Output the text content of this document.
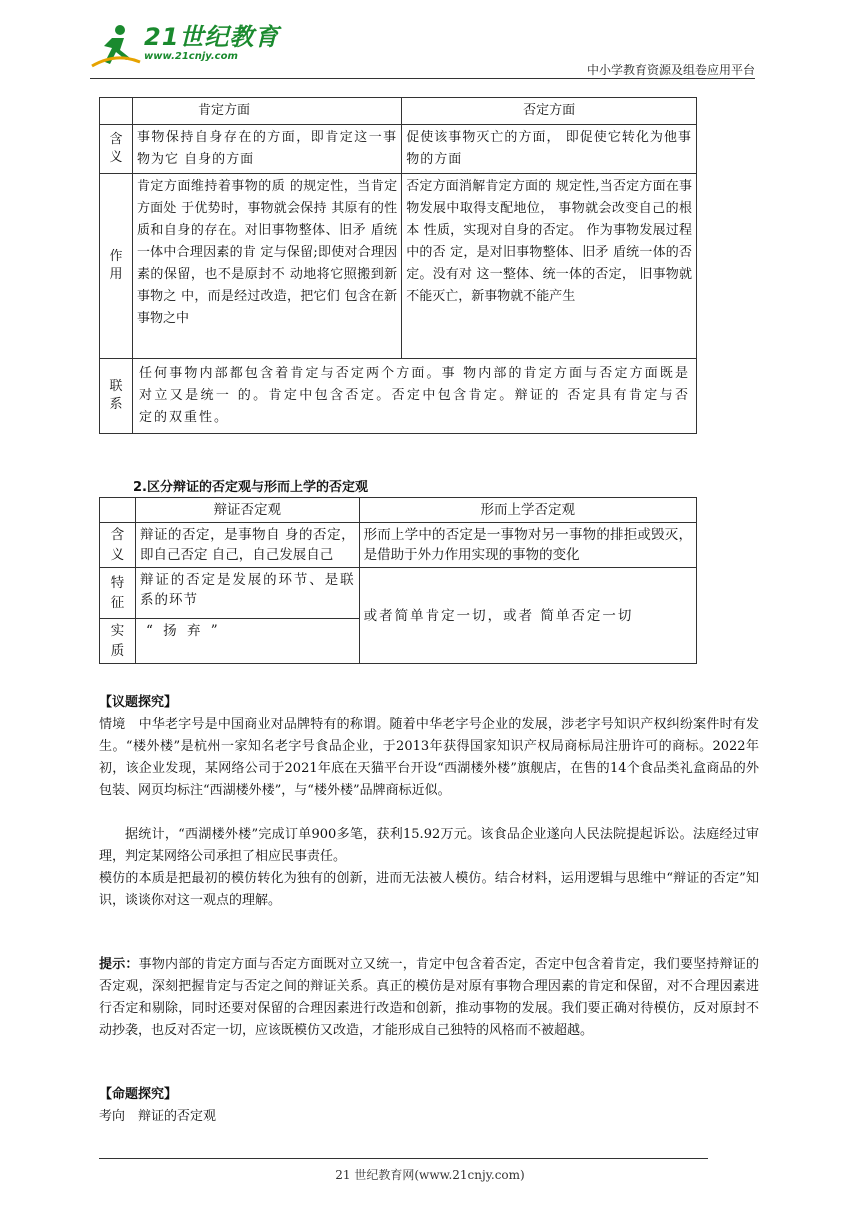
21世纪教育
www.21cnjy.com
中小学教育资源及组卷应用平台
	肯定方面	否定方面
含义	事物保持自身存在的方面，即肯定这一事物为它 自身的方面	促使该事物灭亡的方面， 即促使它转化为他事物的方面
作用	肯定方面维持着事物的质 的规定性，当肯定方面处 于优势时，事物就会保持 其原有的性质和自身的存在。对旧事物整体、旧矛 盾统一体中合理因素的肯 定与保留;即使对合理因 素的保留，也不是原封不 动地将它照搬到新事物之 中，而是经过改造，把它们 包含在新事物之中	否定方面消解肯定方面的 规定性,当否定方面在事 物发展中取得支配地位， 事物就会改变自己的根本 性质，实现对自身的否定。 作为事物发展过程中的否 定，是对旧事物整体、旧矛 盾统一体的否定。没有对 这一整体、统一体的否定， 旧事物就不能灭亡，新事物就不能产生
联系	任何事物内部都包含着肯定与否定两个方面。事 物内部的肯定方面与否定方面既是对立又是统一 的。肯定中包含否定。否定中包含肯定。辩证的 否定具有肯定与否定的双重性。	
2.区分辩证的否定观与形而上学的否定观
	辩证否定观	形而上学否定观
含义	辩证的否定，是事物自 身的否定，即自己否定 自己，自己发展自己	形而上学中的否定是一事物对另一事物的排拒或毁灭，是借助于外力作用实现的事物的变化
特征	辩证的否定是发展的环节、是联系的环节	或者简单肯定一切，或者 简单否定一切
实质	“ 扬 弃 ”	
【议题探究】
情境　中华老字号是中国商业对品牌特有的称谓。随着中华老字号企业的发展，涉老字号知识产权纠纷案件时有发生。“楼外楼”是杭州一家知名老字号食品企业，于2013年获得国家知识产权局商标局注册许可的商标。2022年初，该企业发现，某网络公司于2021年底在天猫平台开设“西湖楼外楼”旗舰店，在售的14个食品类礼盒商品的外包装、网页均标注“西湖楼外楼”，与“楼外楼”品牌商标近似。
据统计，“西湖楼外楼”完成订单900多笔，获利15.92万元。该食品企业遂向人民法院提起诉讼。法庭经过审理，判定某网络公司承担了相应民事责任。
模仿的本质是把最初的模仿转化为独有的创新，进而无法被人模仿。结合材料，运用逻辑与思维中“辩证的否定”知识，谈谈你对这一观点的理解。
提示：事物内部的肯定方面与否定方面既对立又统一，肯定中包含着否定，否定中包含着肯定，我们要坚持辩证的否定观，深刻把握肯定与否定之间的辩证关系。真正的模仿是对原有事物合理因素的肯定和保留，对不合理因素进行否定和剔除，同时还要对保留的合理因素进行改造和创新，推动事物的发展。我们要正确对待模仿，反对原封不动抄袭，也反对否定一切，应该既模仿又改造，才能形成自己独特的风格而不被超越。
【命题探究】
考向　辩证的否定观
21 世纪教育网(www.21cnjy.com)
